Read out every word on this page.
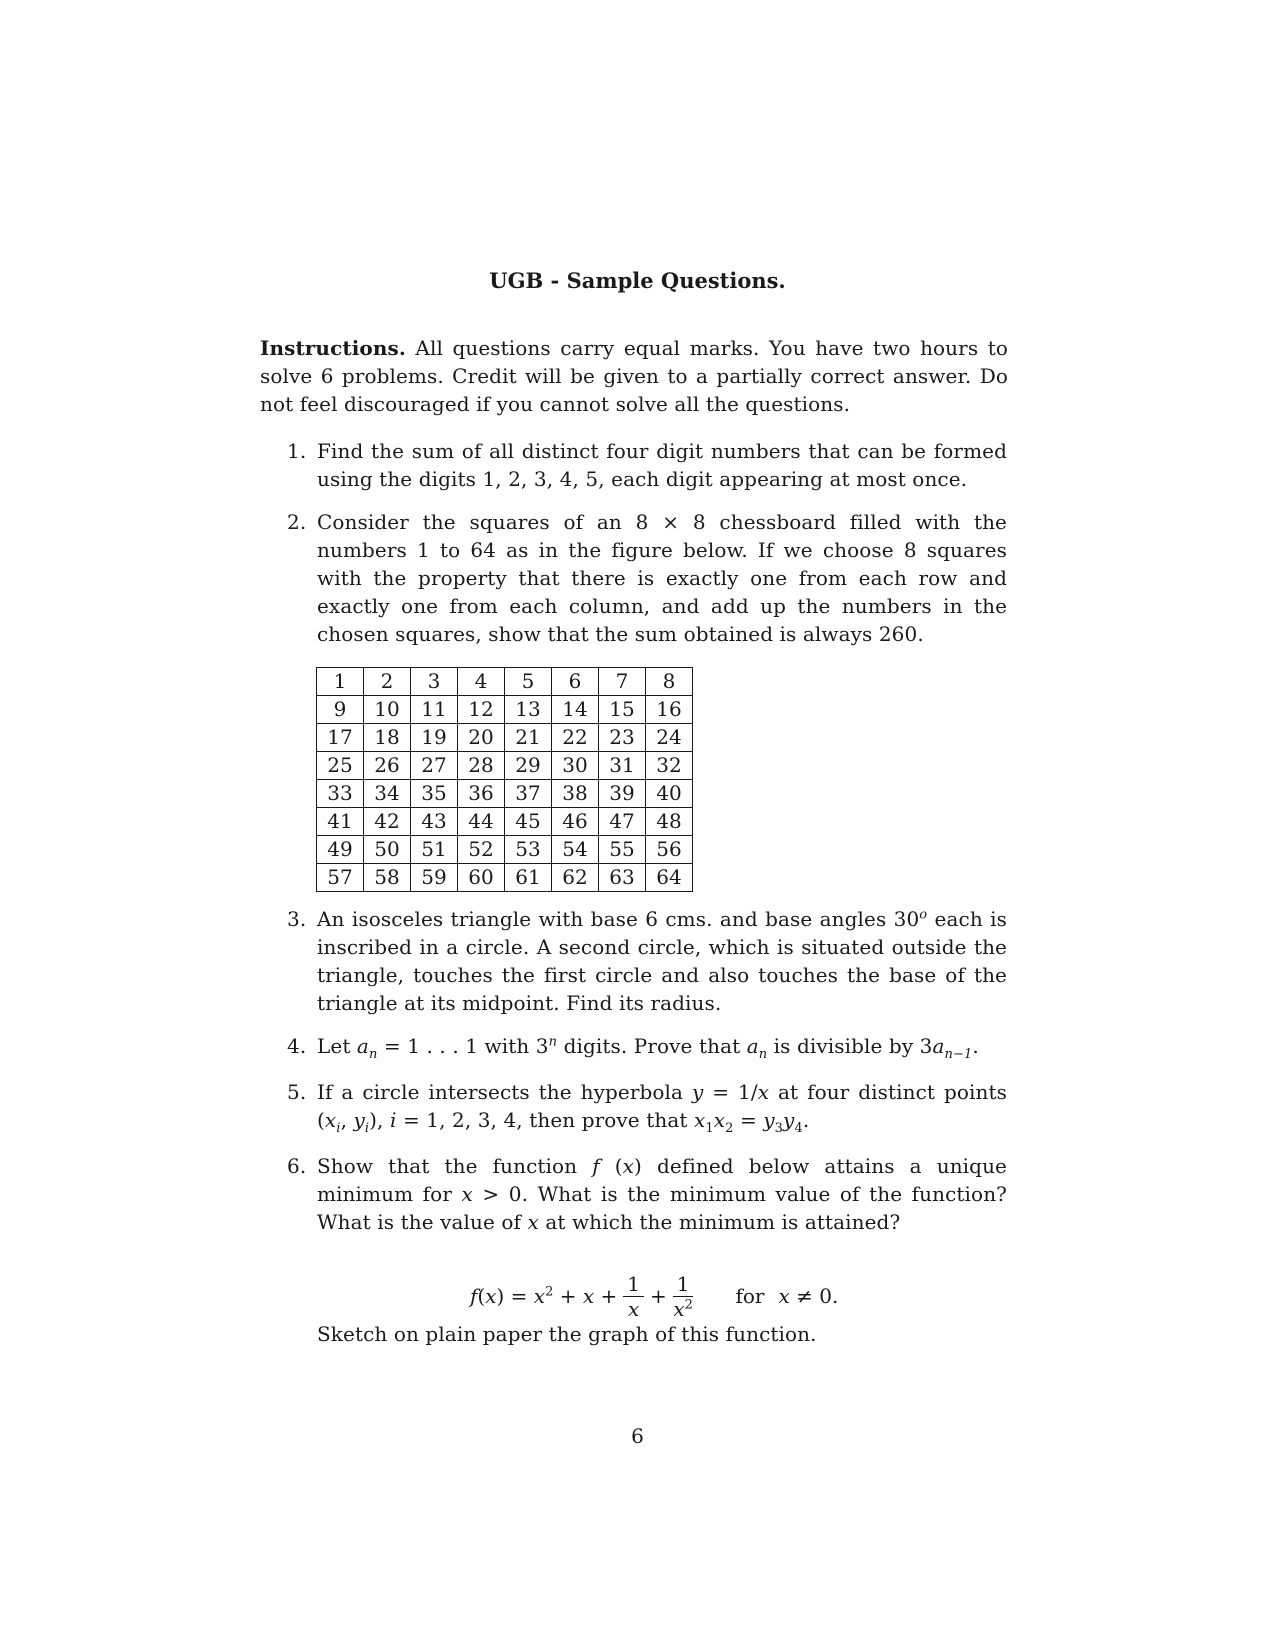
UGB - Sample Questions.
Instructions. All questions carry equal marks. You have two hours to solve 6 problems. Credit will be given to a partially correct answer. Do not feel discouraged if you cannot solve all the questions.
1. Find the sum of all distinct four digit numbers that can be formed using the digits 1, 2, 3, 4, 5, each digit appearing at most once.
2. Consider the squares of an 8 × 8 chessboard filled with the numbers 1 to 64 as in the figure below. If we choose 8 squares with the property that there is exactly one from each row and exactly one from each column, and add up the numbers in the chosen squares, show that the sum obtained is always 260.
1	2	3	4	5	6	7	8
9	10	11	12	13	14	15	16
17	18	19	20	21	22	23	24
25	26	27	28	29	30	31	32
33	34	35	36	37	38	39	40
41	42	43	44	45	46	47	48
49	50	51	52	53	54	55	56
57	58	59	60	61	62	63	64
3. An isosceles triangle with base 6 cms. and base angles 30$^o$ each is inscribed in a circle. A second circle, which is situated outside the triangle, touches the first circle and also touches the base of the triangle at its midpoint. Find its radius.
4. Let $a_n = 1$ . . . 1 with 3$^n$ digits. Prove that $a_n$ is divisible by $3a_{n-1}$.
5. If a circle intersects the hyperbola y = 1/x at four distinct points ($x_i$, $y_i$), i = 1, 2, 3, 4, then prove that $x_1x_2 = y_3y_4$.
6. Show that the function f (x) defined below attains a unique minimum for x > 0. What is the minimum value of the function? What is the value of x at which the minimum is attained?
$f(x) = x^2 + x + \frac{1}{x} + \frac{1}{x^2}$ for x ≠ 0.
Sketch on plain paper the graph of this function.
6
